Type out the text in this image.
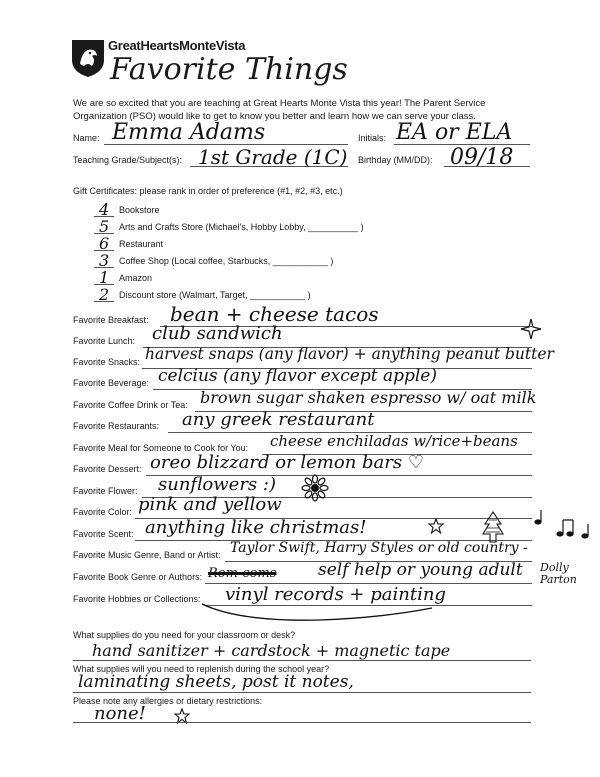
GreatHeartsMonteVista
Favorite Things
We are so excited that you are teaching at Great Hearts Monte Vista this year! The Parent Service
Organization (PSO) would like to get to know you better and learn how we can serve your class.
Name: Emma Adams	Initials: EA or ELA
Teaching Grade/Subject(s): 1st Grade (1C) Birthday (MM/DD): 09/18
Gift Certificates: please rank in order of preference (#1, #2, #3, etc.)
4 Bookstore
5 Arts and Crafts Store (Michael's, Hobby Lobby, __________ )
6 Restaurant
3 Coffee Shop (Local coffee, Starbucks, ___________ )
1 Amazon
2 Discount store (Walmart, Target, ___________ )
Favorite Breakfast: bean + cheese tacos
Favorite Lunch: club sandwich
Favorite Snacks: harvest snaps (any flavor) + anything peanut butter
Favorite Beverage: celcius (any flavor except apple)
Favorite Coffee Drink or Tea: brown sugar shaken espresso w/ oat milk
Favorite Restaurants: any greek restaurant
Favorite Meal for Someone to Cook for You: cheese enchiladas w/rice+beans
Favorite Dessert: oreo blizzard or lemon bars ♡
Favorite Flower: sunflowers :)
Favorite Color: pink and yellow
Favorite Scent: anything like christmas!
Favorite Music Genre, Band or Artist: Taylor Swift, Harry Styles or old country -
Favorite Book Genre or Authors: Rom-coms self help or young adult
Favorite Hobbies or Collections: vinyl records + painting
Dolly Parton
What supplies do you need for your classroom or desk?
hand sanitizer + cardstock + magnetic tape
What supplies will you need to replenish during the school year?
laminating sheets, post it notes,
Please note any allergies or dietary restrictions:
none!
